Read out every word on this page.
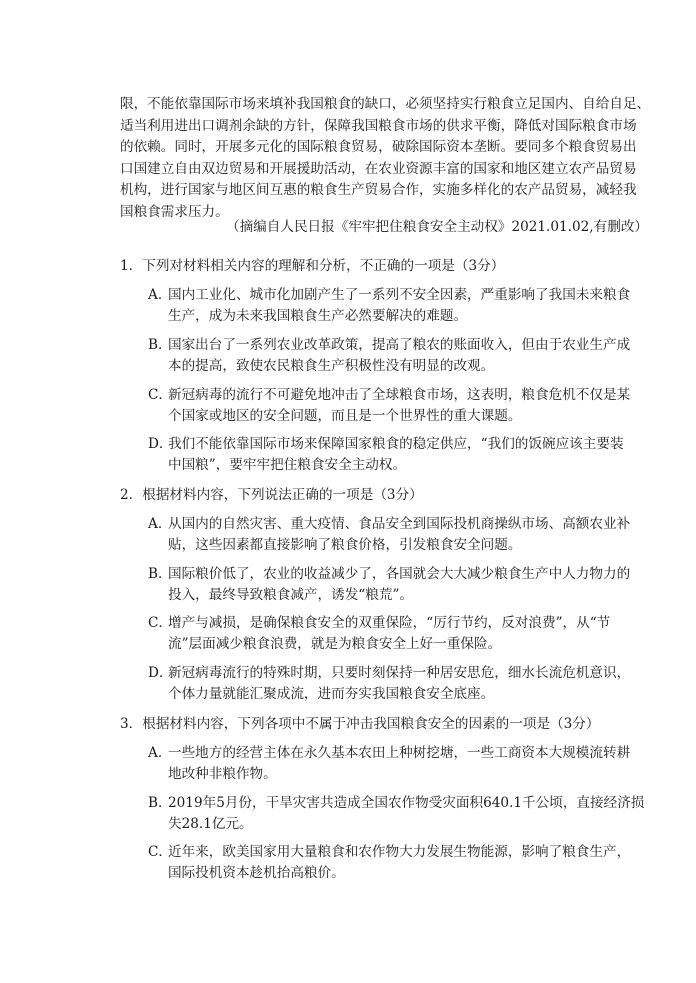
限，不能依靠国际市场来填补我国粮食的缺口，必须坚持实行粮食立足国内、自给自足、
适当利用进出口调剂余缺的方针，保障我国粮食市场的供求平衡，降低对国际粮食市场
的依赖。同时，开展多元化的国际粮食贸易，破除国际资本垄断。要同多个粮食贸易出
口国建立自由双边贸易和开展援助活动，在农业资源丰富的国家和地区建立农产品贸易
机构，进行国家与地区间互惠的粮食生产贸易合作，实施多样化的农产品贸易，减轻我
国粮食需求压力。
（摘编自人民日报《牢牢把住粮食安全主动权》2021.01.02,有删改）
1．下列对材料相关内容的理解和分析，不正确的一项是（3分）
A．国内工业化、城市化加剧产生了一系列不安全因素，严重影响了我国未来粮食
生产，成为未来我国粮食生产必然要解决的难题。
B．国家出台了一系列农业改革政策，提高了粮农的账面收入，但由于农业生产成
本的提高，致使农民粮食生产积极性没有明显的改观。
C．新冠病毒的流行不可避免地冲击了全球粮食市场，这表明，粮食危机不仅是某
个国家或地区的安全问题，而且是一个世界性的重大课题。
D．我们不能依靠国际市场来保障国家粮食的稳定供应，“我们的饭碗应该主要装
中国粮”，要牢牢把住粮食安全主动权。
2．根据材料内容，下列说法正确的一项是（3分）
A．从国内的自然灾害、重大疫情、食品安全到国际投机商操纵市场、高额农业补
贴，这些因素都直接影响了粮食价格，引发粮食安全问题。
B．国际粮价低了，农业的收益减少了，各国就会大大减少粮食生产中人力物力的
投入，最终导致粮食减产，诱发“粮荒”。
C．增产与减损，是确保粮食安全的双重保险，“厉行节约，反对浪费”，从“节
流”层面减少粮食浪费，就是为粮食安全上好一重保险。
D．新冠病毒流行的特殊时期，只要时刻保持一种居安思危，细水长流危机意识，
个体力量就能汇聚成流，进而夯实我国粮食安全底座。
3．根据材料内容，下列各项中不属于冲击我国粮食安全的因素的一项是（3分）
A．一些地方的经营主体在永久基本农田上种树挖塘，一些工商资本大规模流转耕
地改种非粮作物。
B．2019年5月份，干旱灾害共造成全国农作物受灾面积640.1千公顷，直接经济损
失28.1亿元。
C．近年来，欧美国家用大量粮食和农作物大力发展生物能源，影响了粮食生产，
国际投机资本趁机抬高粮价。
